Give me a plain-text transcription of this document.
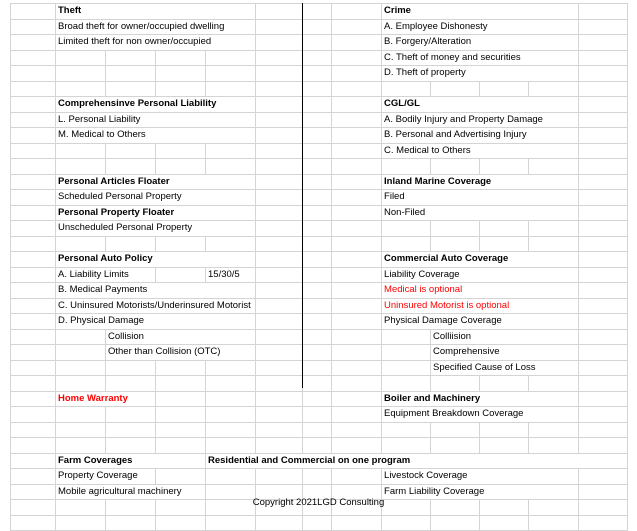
	Theft							Crime				
	Broad theft for owner/occupied dwelling							A. Employee Dishonesty				
	Limited theft for non owner/occupied							B. Forgery/Alteration				
								C. Theft of money and securities				
								D. Theft of property				

	Comprehensinve Personal Liability							CGL/GL				
	L. Personal Liability							A. Bodily Injury and Property Damage				
	M. Medical to Others							B. Personal and Advertising Injury				
								C. Medical to Others				

	Personal Articles Floater							Inland Marine Coverage				
	Scheduled Personal Property							Filed				
	Personal Property Floater							Non-Filed				
	Unscheduled Personal Property											

	Personal Auto Policy							Commercial Auto Coverage				
	A. Liability Limits			15/30/5				Liability Coverage				
	B. Medical Payments							Medical is optional				
	C. Uninsured Motorists/Underinsured Motorist							Uninsured Motorist is optional				
	D. Physical Damage							Physical Damage Coverage				
		Collision							Colliision			
		Other than Collision (OTC)							Comprehensive			
									Specified Cause of Loss			

	Home Warranty							Boiler and Machinery				
								Equipment Breakdown Coverage				

	Farm Coverages			Residential and Commercial on one program								
	Property Coverage							Livestock Coverage				
	Mobile agricultural machinery							Farm Liability Coverage				

Copyright 2021LGD Consulting
